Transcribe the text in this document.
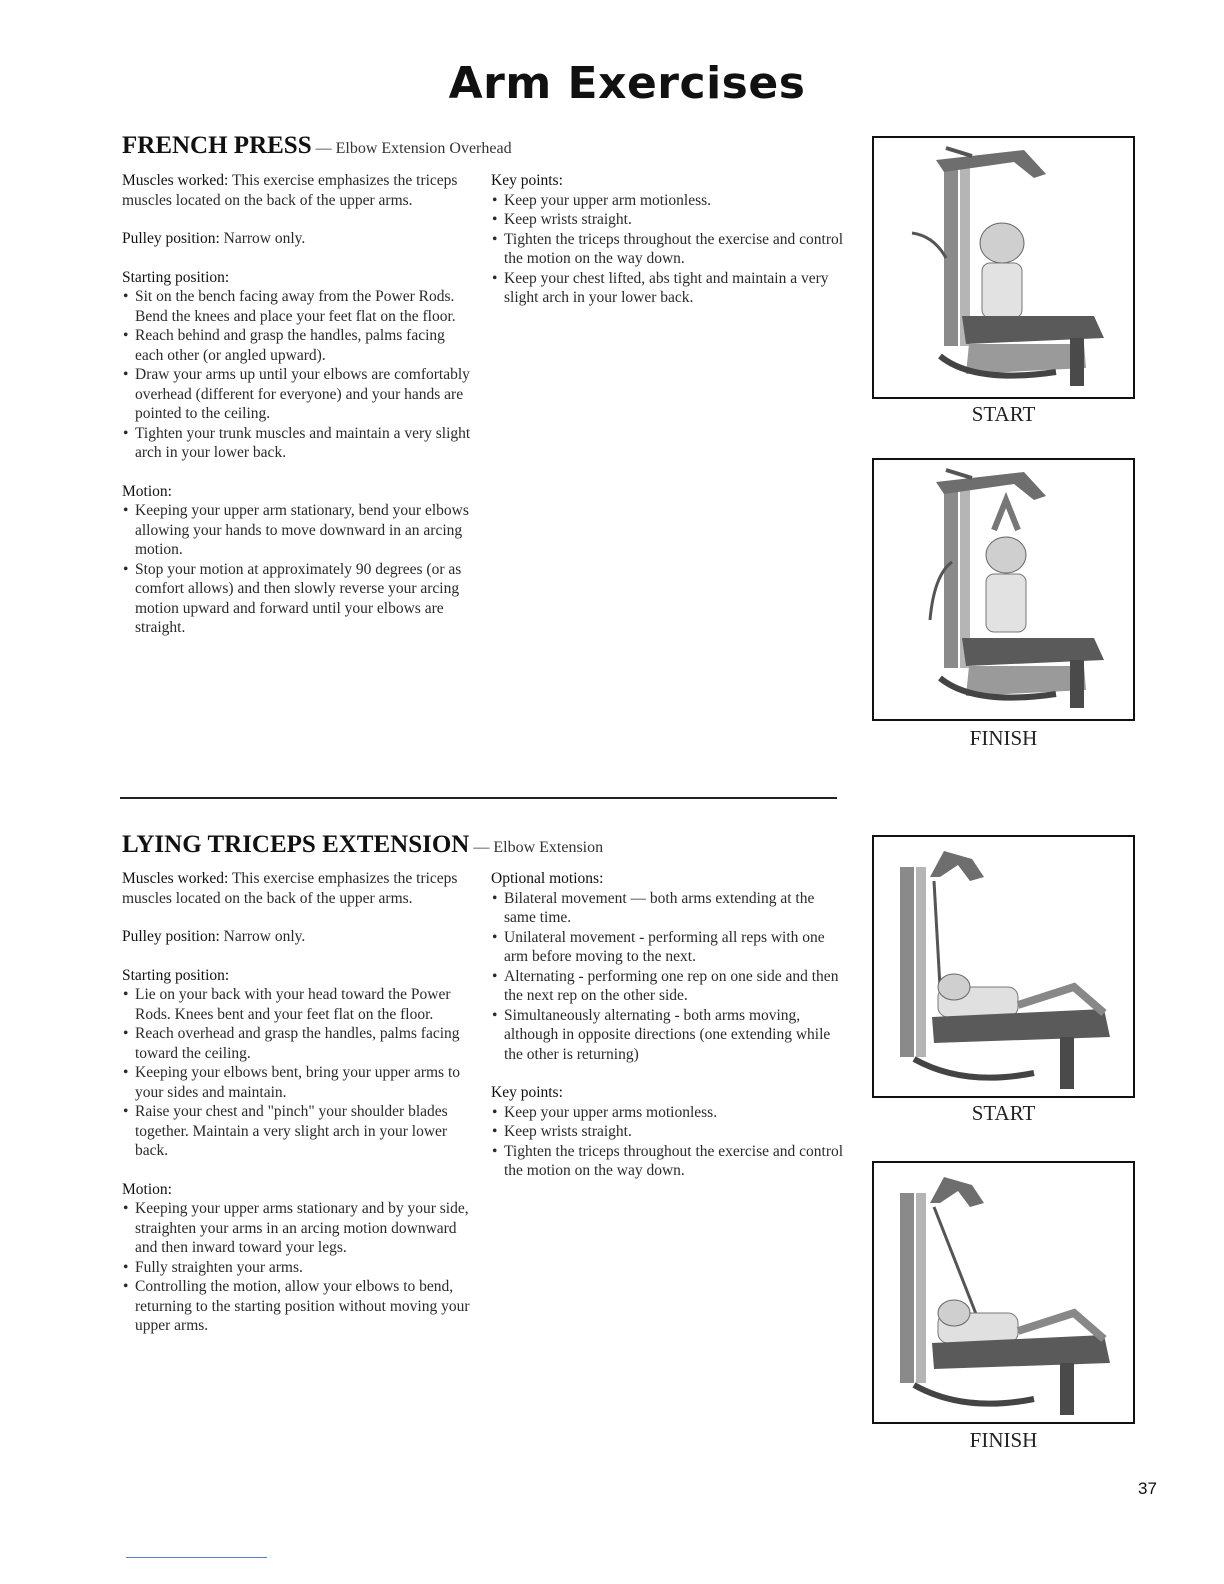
Arm Exercises
FRENCH PRESS — Elbow Extension Overhead

Muscles worked: This exercise emphasizes the triceps muscles located on the back of the upper arms.

Pulley position: Narrow only.

Starting position:
• Sit on the bench facing away from the Power Rods. Bend the knees and place your feet flat on the floor.
• Reach behind and grasp the handles, palms facing each other (or angled upward).
• Draw your arms up until your elbows are comfortably overhead (different for everyone) and your hands are pointed to the ceiling.
• Tighten your trunk muscles and maintain a very slight arch in your lower back.
Motion:
• Keeping your upper arm stationary, bend your elbows allowing your hands to move downward in an arcing motion.
• Stop your motion at approximately 90 degrees (or as comfort allows) and then slowly reverse your arcing motion upward and forward until your elbows are straight.
Key points:
• Keep your upper arm motionless.
• Keep wrists straight.
• Tighten the triceps throughout the exercise and control the motion on the way down.
• Keep your chest lifted, abs tight and maintain a very slight arch in your lower back.
START
FINISH
LYING TRICEPS EXTENSION — Elbow Extension

Muscles worked: This exercise emphasizes the triceps muscles located on the back of the upper arms.

Pulley position: Narrow only.

Starting position:
• Lie on your back with your head toward the Power Rods. Knees bent and your feet flat on the floor.
• Reach overhead and grasp the handles, palms facing toward the ceiling.
• Keeping your elbows bent, bring your upper arms to your sides and maintain.
• Raise your chest and "pinch" your shoulder blades together. Maintain a very slight arch in your lower back.
Motion:
• Keeping your upper arms stationary and by your side, straighten your arms in an arcing motion downward and then inward toward your legs.
• Fully straighten your arms.
• Controlling the motion, allow your elbows to bend, returning to the starting position without moving your upper arms.
Optional motions:
• Bilateral movement — both arms extending at the same time.
• Unilateral movement - performing all reps with one arm before moving to the next.
• Alternating - performing one rep on one side and then the next rep on the other side.
• Simultaneously alternating - both arms moving, although in opposite directions (one extending while the other is returning)
Key points:
• Keep your upper arms motionless.
• Keep wrists straight.
• Tighten the triceps throughout the exercise and control the motion on the way down.
START
FINISH
37
